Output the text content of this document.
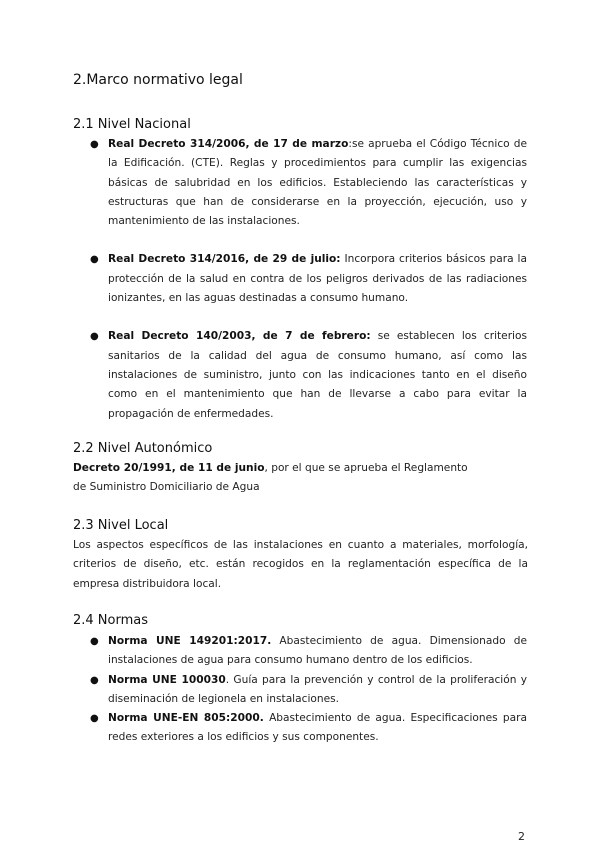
2.Marco normativo legal
2.1 Nivel Nacional
● Real Decreto 314/2006, de 17 de marzo:se aprueba el Código Técnico de la Edificación. (CTE). Reglas y procedimientos para cumplir las exigencias básicas de salubridad en los edificios. Estableciendo las características y estructuras que han de considerarse en la proyección, ejecución, uso y mantenimiento de las instalaciones.
● Real Decreto 314/2016, de 29 de julio: Incorpora criterios básicos para la protección de la salud en contra de los peligros derivados de las radiaciones ionizantes, en las aguas destinadas a consumo humano.
● Real Decreto 140/2003, de 7 de febrero: se establecen los criterios sanitarios de la calidad del agua de consumo humano, así como las instalaciones de suministro, junto con las indicaciones tanto en el diseño como en el mantenimiento que han de llevarse a cabo para evitar la propagación de enfermedades.
2.2 Nivel Autonómico
Decreto 20/1991, de 11 de junio, por el que se aprueba el Reglamento
de Suministro Domiciliario de Agua
2.3 Nivel Local
Los aspectos específicos de las instalaciones en cuanto a materiales, morfología, criterios de diseño, etc. están recogidos en la reglamentación específica de la empresa distribuidora local.
2.4 Normas
● Norma UNE 149201:2017. Abastecimiento de agua. Dimensionado de instalaciones de agua para consumo humano dentro de los edificios.
● Norma UNE 100030. Guía para la prevención y control de la proliferación y diseminación de legionela en instalaciones.
● Norma UNE-EN 805:2000. Abastecimiento de agua. Especificaciones para redes exteriores a los edificios y sus componentes.
2
